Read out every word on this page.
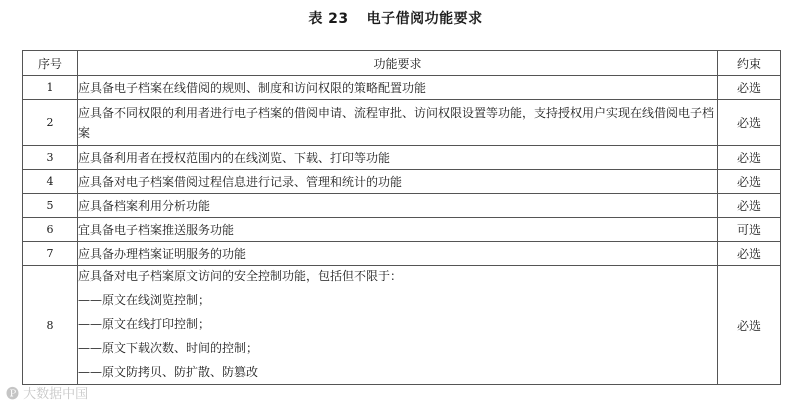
表 23 电子借阅功能要求
序号	功能要求	约束
1	应具备电子档案在线借阅的规则、制度和访问权限的策略配置功能	必选
2	应具备不同权限的利用者进行电子档案的借阅申请、流程审批、访问权限设置等功能，支持授权用户实现在线借阅电子档案	必选
3	应具备利用者在授权范围内的在线浏览、下载、打印等功能	必选
4	应具备对电子档案借阅过程信息进行记录、管理和统计的功能	必选
5	应具备档案利用分析功能	必选
6	宜具备电子档案推送服务功能	可选
7	应具备办理档案证明服务的功能	必选
8	应具备对电子档案原文访问的安全控制功能，包括但不限于：
——原文在线浏览控制；
——原文在线打印控制；
——原文下载次数、时间的控制；
——原文防拷贝、防扩散、防篡改	必选
🅟 大数据中国
